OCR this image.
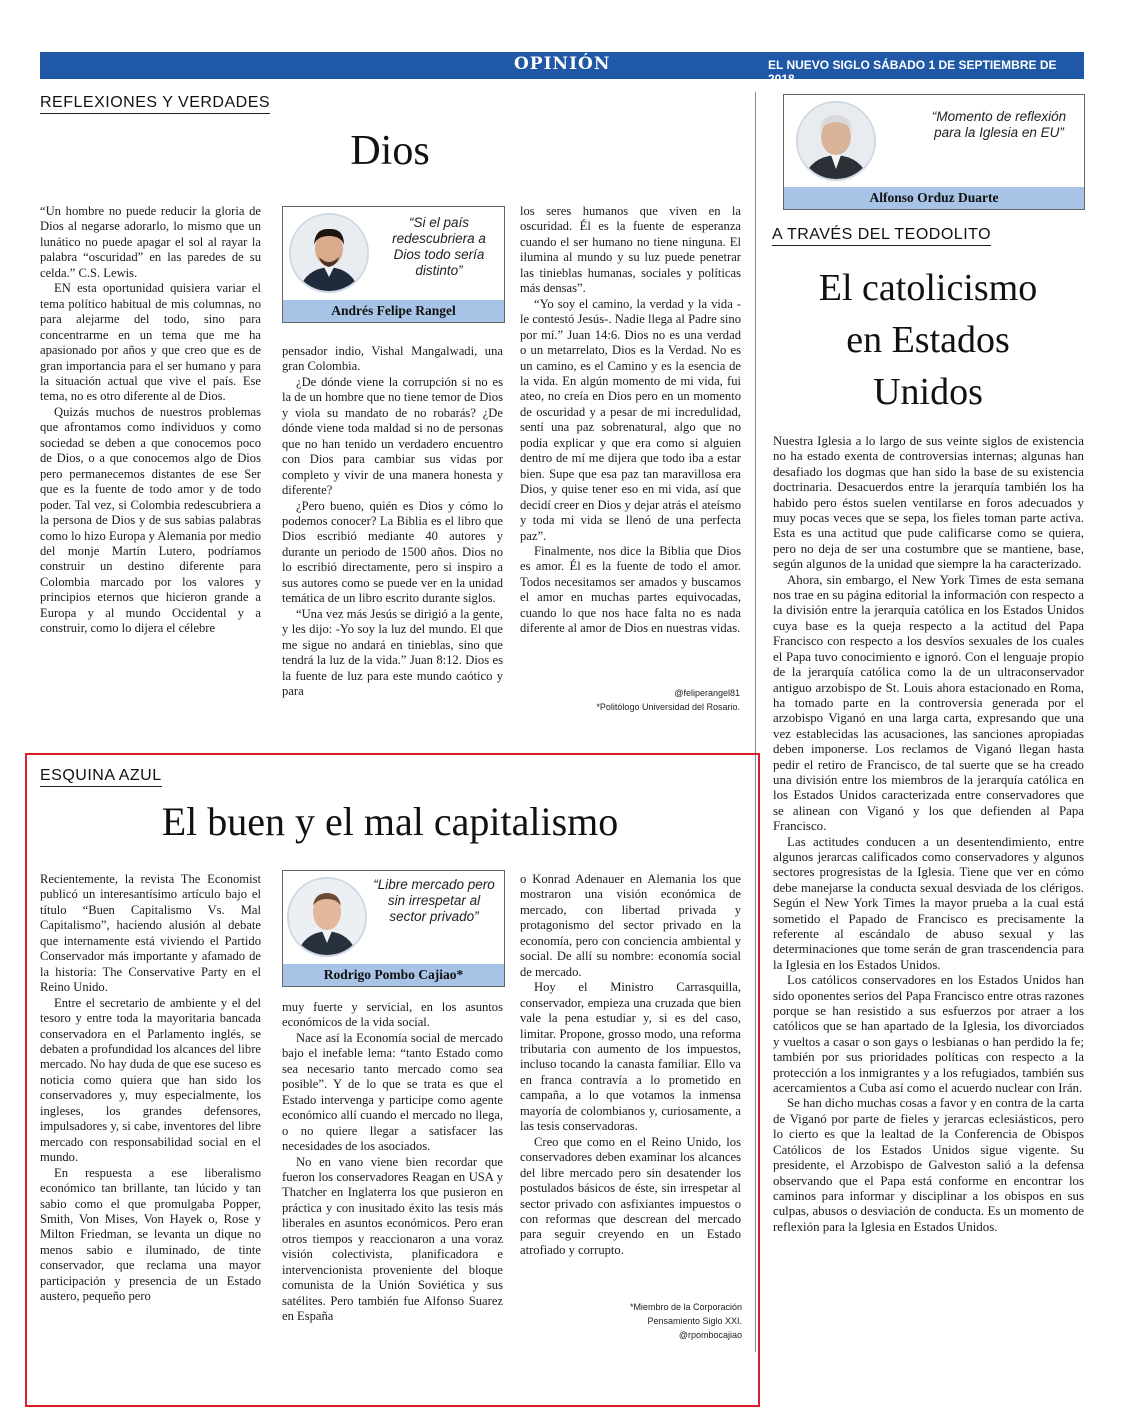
OPINIÓN	EL NUEVO SIGLO SÁBADO 1 DE SEPTIEMBRE DE 2018
9A
REFLEXIONES Y VERDADES
Dios

“Un hombre no puede reducir la gloria de Dios al negarse adorarlo, lo mismo que un lunático no puede apagar el sol al rayar la palabra “oscuridad” en las paredes de su celda.” C.S. Lewis.

EN esta oportunidad quisiera variar el tema político habitual de mis columnas, no para alejarme del todo, sino para concentrarme en un tema que me ha apasionado por años y que creo que es de gran importancia para el ser humano y para la situación actual que vive el país. Ese tema, no es otro diferente al de Dios.

Quizás muchos de nuestros problemas que afrontamos como individuos y como sociedad se deben a que conocemos poco de Dios, o a que conocemos algo de Dios pero permanecemos distantes de ese Ser que es la fuente de todo amor y de todo poder. Tal vez, si Colombia redescubriera a la persona de Dios y de sus sabias palabras como lo hizo Europa y Alemania por medio del monje Martín Lutero, podríamos construir un destino diferente para Colombia marcado por los valores y principios eternos que hicieron grande a Europa y al mundo Occidental y a construir, como lo dijera el célebre

“Si el país redescubriera a Dios todo sería distinto”
Andrés Felipe Rangel

pensador indio, Vishal Mangalwadi, una gran Colombia.

¿De dónde viene la corrupción si no es la de un hombre que no tiene temor de Dios y viola su mandato de no robarás? ¿De dónde viene toda maldad si no de personas que no han tenido un verdadero encuentro con Dios para cambiar sus vidas por completo y vivir de una manera honesta y diferente?

¿Pero bueno, quién es Dios y cómo lo podemos conocer? La Biblia es el libro que Dios escribió mediante 40 autores y durante un periodo de 1500 años. Dios no lo escribió directamente, pero si inspiro a sus autores como se puede ver en la unidad temática de un libro escrito durante siglos.

“Una vez más Jesús se dirigió a la gente, y les dijo: -Yo soy la luz del mundo. El que me sigue no andará en tinieblas, sino que tendrá la luz de la vida.” Juan 8:12. Dios es la fuente de luz para este mundo caótico y para

los seres humanos que viven en la oscuridad. Él es la fuente de esperanza cuando el ser humano no tiene ninguna. El ilumina al mundo y su luz puede penetrar las tinieblas humanas, sociales y políticas más densas”.

“Yo soy el camino, la verdad y la vida -le contestó Jesús-. Nadie llega al Padre sino por mí.” Juan 14:6. Dios no es una verdad o un metarrelato, Dios es la Verdad. No es un camino, es el Camino y es la esencia de la vida. En algún momento de mi vida, fui ateo, no creía en Dios pero en un momento de oscuridad y a pesar de mi incredulidad, sentí una paz sobrenatural, algo que no podía explicar y que era como si alguien dentro de mí me dijera que todo iba a estar bien. Supe que esa paz tan maravillosa era Dios, y quise tener eso en mi vida, así que decidí creer en Dios y dejar atrás el ateísmo y toda mi vida se llenó de una perfecta paz”.

Finalmente, nos dice la Biblia que Dios es amor. Él es la fuente de todo el amor. Todos necesitamos ser amados y buscamos el amor en muchas partes equivocadas, cuando lo que nos hace falta no es nada diferente al amor de Dios en nuestras vidas.

@feliperangel81
*Politólogo Universidad del Rosario.
“Momento de reflexión para la Iglesia en EU”
Alfonso Orduz Duarte
A TRAVÉS DEL TEODOLITO
El catolicismo
en Estados
Unidos

Nuestra Iglesia a lo largo de sus veinte siglos de existencia no ha estado exenta de controversias internas; algunas han desafiado los dogmas que han sido la base de su existencia doctrinaria. Desacuerdos entre la jerarquía también los ha habido pero éstos suelen ventilarse en foros adecuados y muy pocas veces que se sepa, los fieles toman parte activa. Esta es una actitud que pude calificarse como se quiera, pero no deja de ser una costumbre que se mantiene, base, según algunos de la unidad que siempre la ha caracterizado.

Ahora, sin embargo, el New York Times de esta semana nos trae en su página editorial la información con respecto a la división entre la jerarquía católica en los Estados Unidos cuya base es la queja respecto a la actitud del Papa Francisco con respecto a los desvíos sexuales de los cuales el Papa tuvo conocimiento e ignoró. Con el lenguaje propio de la jerarquía católica como la de un ultraconservador antiguo arzobispo de St. Louis ahora estacionado en Roma, ha tomado parte en la controversia generada por el arzobispo Viganó en una larga carta, expresando que una vez establecidas las acusaciones, las sanciones apropiadas deben imponerse. Los reclamos de Viganó llegan hasta pedir el retiro de Francisco, de tal suerte que se ha creado una división entre los miembros de la jerarquía católica en los Estados Unidos caracterizada entre conservadores que se alinean con Viganó y los que defienden al Papa Francisco.

Las actitudes conducen a un desentendimiento, entre algunos jerarcas calificados como conservadores y algunos sectores progresistas de la Iglesia. Tiene que ver en cómo debe manejarse la conducta sexual desviada de los clérigos. Según el New York Times la mayor prueba a la cual está sometido el Papado de Francisco es precisamente la referente al escándalo de abuso sexual y las determinaciones que tome serán de gran trascendencia para la Iglesia en los Estados Unidos.

Los católicos conservadores en los Estados Unidos han sido oponentes serios del Papa Francisco entre otras razones porque se han resistido a sus esfuerzos por atraer a los católicos que se han apartado de la Iglesia, los divorciados y vueltos a casar o son gays o lesbianas o han perdido la fe; también por sus prioridades políticas con respecto a la protección a los inmigrantes y a los refugiados, también sus acercamientos a Cuba así como el acuerdo nuclear con Irán.

Se han dicho muchas cosas a favor y en contra de la carta de Viganó por parte de fieles y jerarcas eclesiásticos, pero lo cierto es que la lealtad de la Conferencia de Obispos Católicos de los Estados Unidos sigue vigente. Su presidente, el Arzobispo de Galveston salió a la defensa observando que el Papa está conforme en encontrar los caminos para informar y disciplinar a los obispos en sus culpas, abusos o desviación de conducta. Es un momento de reflexión para la Iglesia en Estados Unidos.

ESQUINA AZUL
El buen y el mal capitalismo

Recientemente, la revista The Economist publicó un interesantísimo artículo bajo el título “Buen Capitalismo Vs. Mal Capitalismo”, haciendo alusión al debate que internamente está viviendo el Partido Conservador más importante y afamado de la historia: The Conservative Party en el Reino Unido.

Entre el secretario de ambiente y el del tesoro y entre toda la mayoritaria bancada conservadora en el Parlamento inglés, se debaten a profundidad los alcances del libre mercado. No hay duda de que ese suceso es noticia como quiera que han sido los conservadores y, muy especialmente, los ingleses, los grandes defensores, impulsadores y, si cabe, inventores del libre mercado con responsabilidad social en el mundo.

En respuesta a ese liberalismo económico tan brillante, tan lúcido y tan sabio como el que promulgaba Popper, Smith, Von Mises, Von Hayek o, Rose y Milton Friedman, se levanta un dique no menos sabio e iluminado, de tinte conservador, que reclama una mayor participación y presencia de un Estado austero, pequeño pero

“Libre mercado pero sin irrespetar al sector privado”
Rodrigo Pombo Cajiao*

muy fuerte y servicial, en los asuntos económicos de la vida social.

Nace así la Economía social de mercado bajo el inefable lema: “tanto Estado como sea necesario tanto mercado como sea posible”. Y de lo que se trata es que el Estado intervenga y participe como agente económico allí cuando el mercado no llega, o no quiere llegar a satisfacer las necesidades de los asociados.

No en vano viene bien recordar que fueron los conservadores Reagan en USA y Thatcher en Inglaterra los que pusieron en práctica y con inusitado éxito las tesis más liberales en asuntos económicos. Pero eran otros tiempos y reaccionaron a una voraz visión colectivista, planificadora e intervencionista proveniente del bloque comunista de la Unión Soviética y sus satélites. Pero también fue Alfonso Suarez en España

o Konrad Adenauer en Alemania los que mostraron una visión económica de mercado, con libertad privada y protagonismo del sector privado en la economía, pero con conciencia ambiental y social. De allí su nombre: economía social de mercado.

Hoy el Ministro Carrasquilla, conservador, empieza una cruzada que bien vale la pena estudiar y, si es del caso, limitar. Propone, grosso modo, una reforma tributaria con aumento de los impuestos, incluso tocando la canasta familiar. Ello va en franca contravía a lo prometido en campaña, a lo que votamos la inmensa mayoría de colombianos y, curiosamente, a las tesis conservadoras.

Creo que como en el Reino Unido, los conservadores deben examinar los alcances del libre mercado pero sin desatender los postulados básicos de éste, sin irrespetar al sector privado con asfixiantes impuestos o con reformas que descrean del mercado para seguir creyendo en un Estado atrofiado y corrupto.

*Miembro de la Corporación
Pensamiento Siglo XXI.
@rpombocajiao
